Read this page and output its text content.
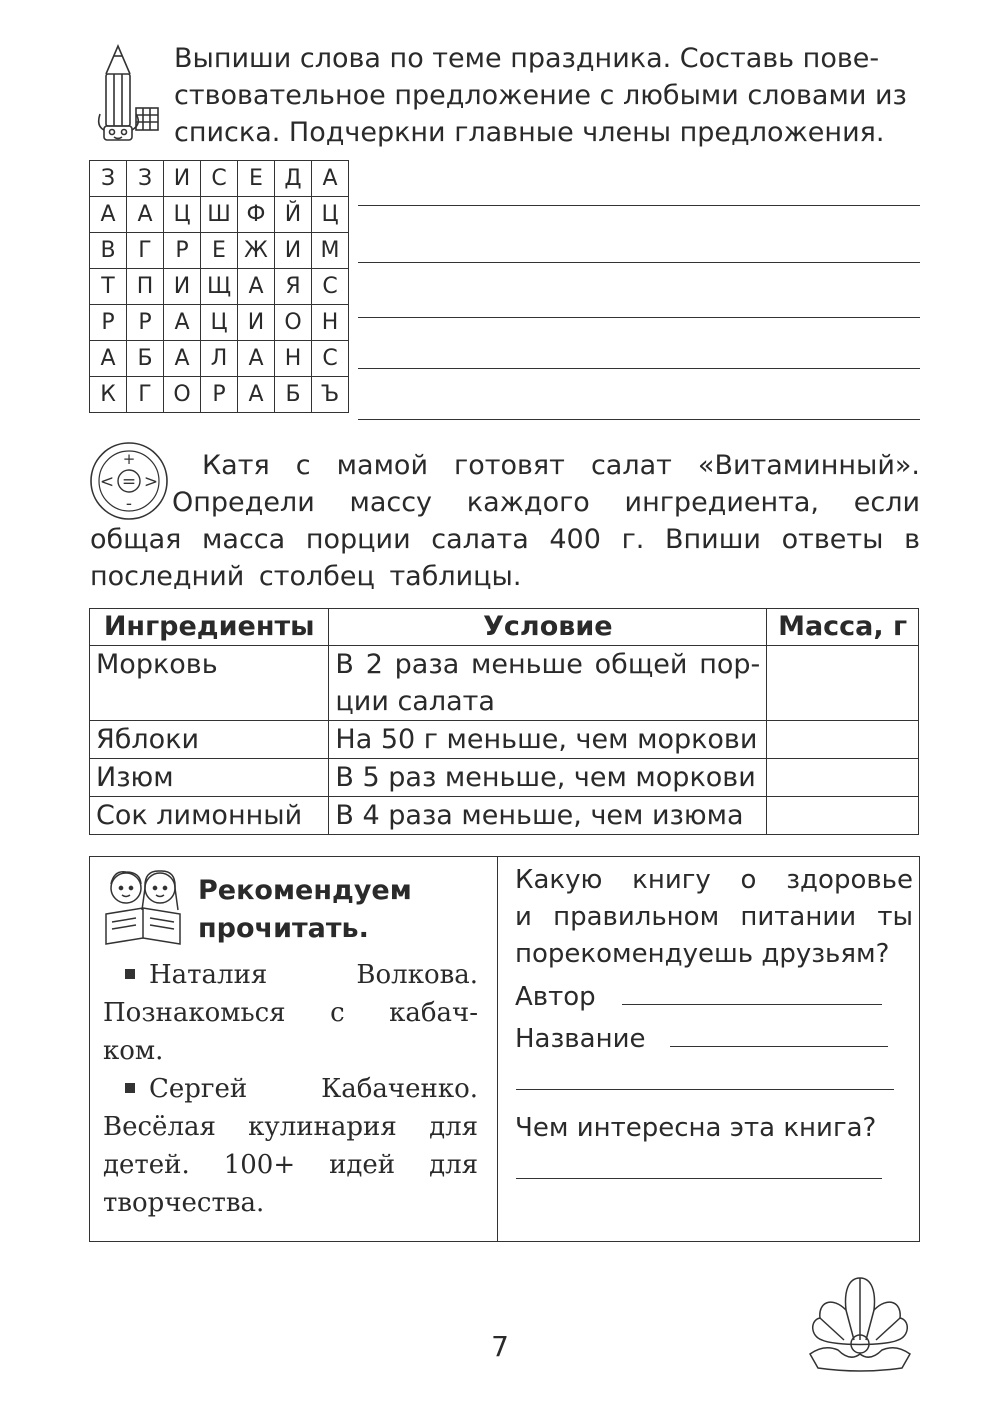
Выпиши слова по теме праздника. Составь пове-
ствовательное предложение с любыми словами из
списка. Подчеркни главные члены предложения.
З	З	И	С	Е	Д	А
А	А	Ц	Ш	Ф	Й	Ц
В	Г	Р	Е	Ж	И	М
Т	П	И	Щ	А	Я	С
Р	Р	А	Ц	И	О	Н
А	Б	А	Л	А	Н	С
К	Г	О	Р	А	Б	Ъ
+
< = >
-
Катя с мамой готовят салат «Витаминный».
Определи массу каждого ингредиента, если
общая масса порции салата 400 г. Впиши ответы в
последний столбец таблицы.
Ингредиенты	Условие	Масса, г
Морковь	В 2 раза меньше общей пор-
ции салата	

Яблоки	На 50 г меньше, чем моркови	
Изюм	В 5 раз меньше, чем моркови	
Сок лимонный	В 4 раза меньше, чем изюма	
Рекомендуем
прочитать.
Наталия Волкова.
Познакомься с кабач-
ком.
Сергей Кабаченко.
Весёлая кулинария для
детей. 100+ идей для
творчества.
Какую книгу о здоровье
и правильном питании ты
порекомендуешь друзьям?
Автор
Название
Чем интересна эта книга?
7
